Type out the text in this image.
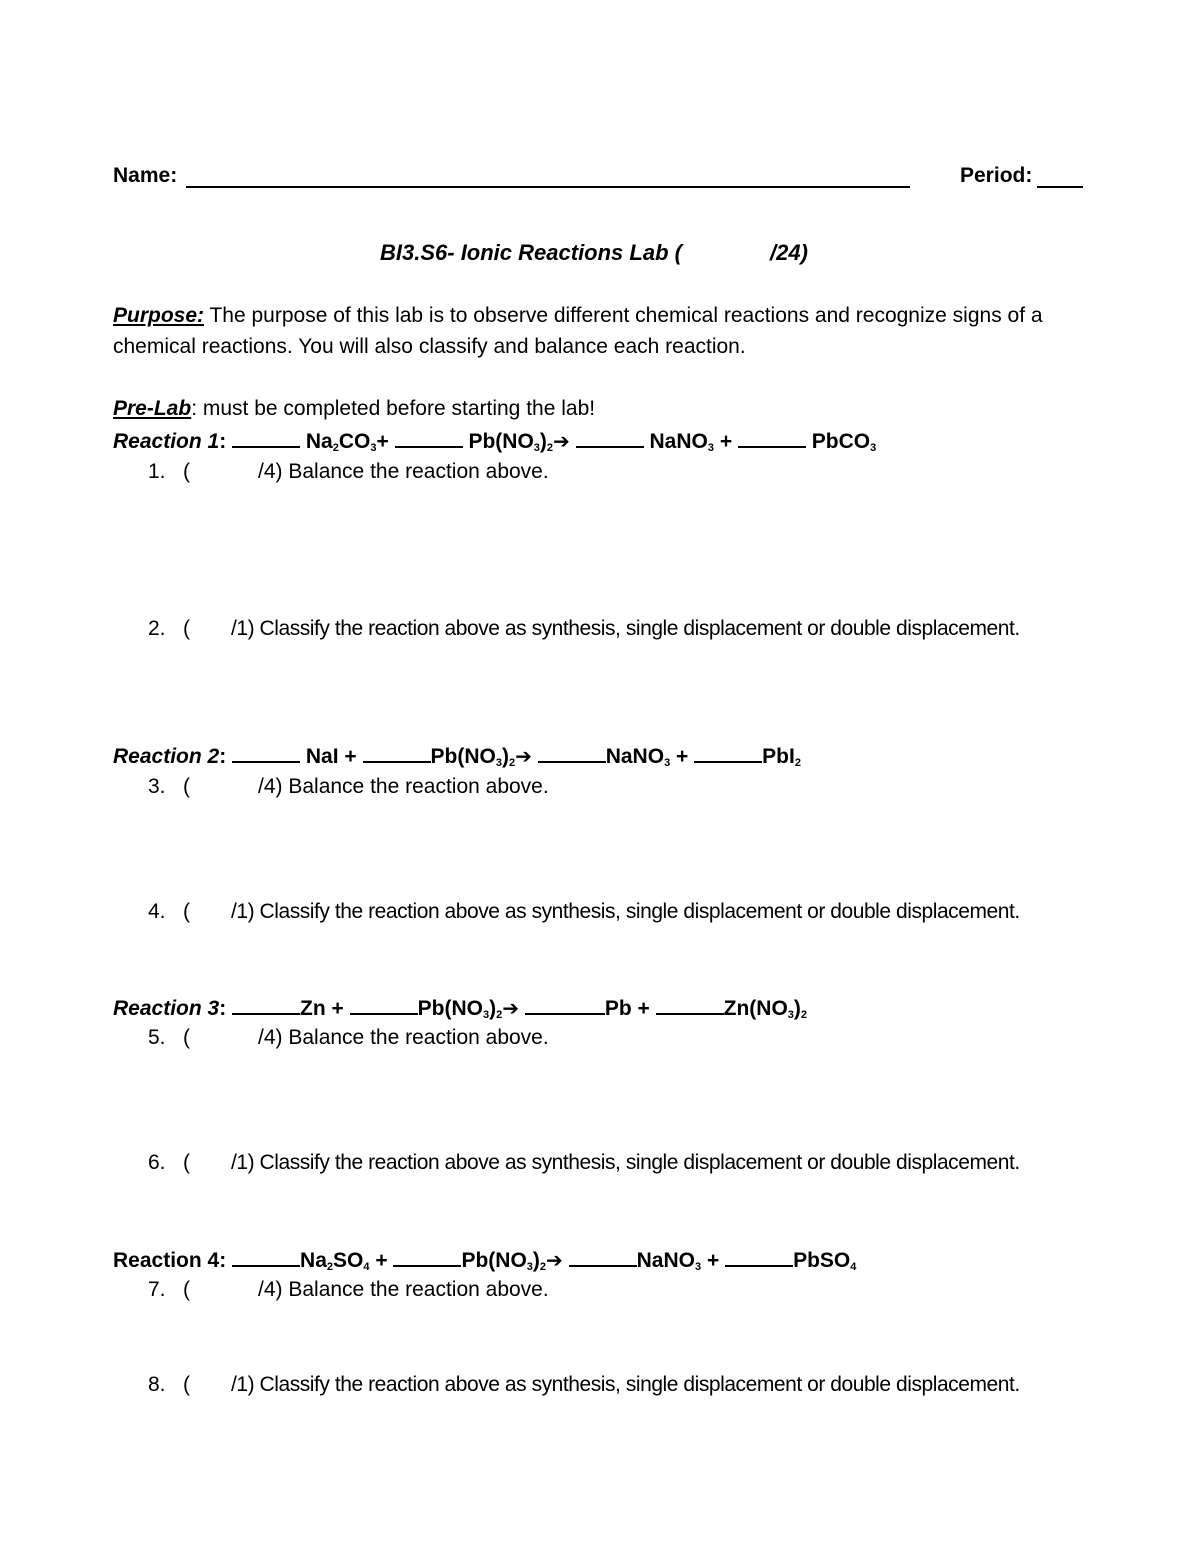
Name:	Period:
BI3.S6- Ionic Reactions Lab (	/24)
Purpose: The purpose of this lab is to observe different chemical reactions and recognize signs of a
chemical reactions. You will also classify and balance each reaction.
Pre-Lab: must be completed before starting the lab!
Reaction 1:	$Na_2CO_3+$	$Pb(NO_3)_2➔$	NaNO$_3$ +	PbCO$_3$
1. (	/4) Balance the reaction above.
2. ( /1) Classify the reaction above as synthesis, single displacement or double displacement.
Reaction 2:	NaI +	$Pb(NO_3)_2➔$	NaNO$_3$ +	PbI$_2$
3. (	/4) Balance the reaction above.
4. ( /1) Classify the reaction above as synthesis, single displacement or double displacement.
Reaction 3:	Zn +	$Pb(NO_3)_2➔$	Pb +	$Zn(NO_3)_2$
5. (	/4) Balance the reaction above.
6. ( /1) Classify the reaction above as synthesis, single displacement or double displacement.
Reaction 4:	$Na_2SO_4$ +	$Pb(NO_3)_2➔$	NaNO$_3$ +	PbSO$_4$
7. (	/4) Balance the reaction above.
8. ( /1) Classify the reaction above as synthesis, single displacement or double displacement.
